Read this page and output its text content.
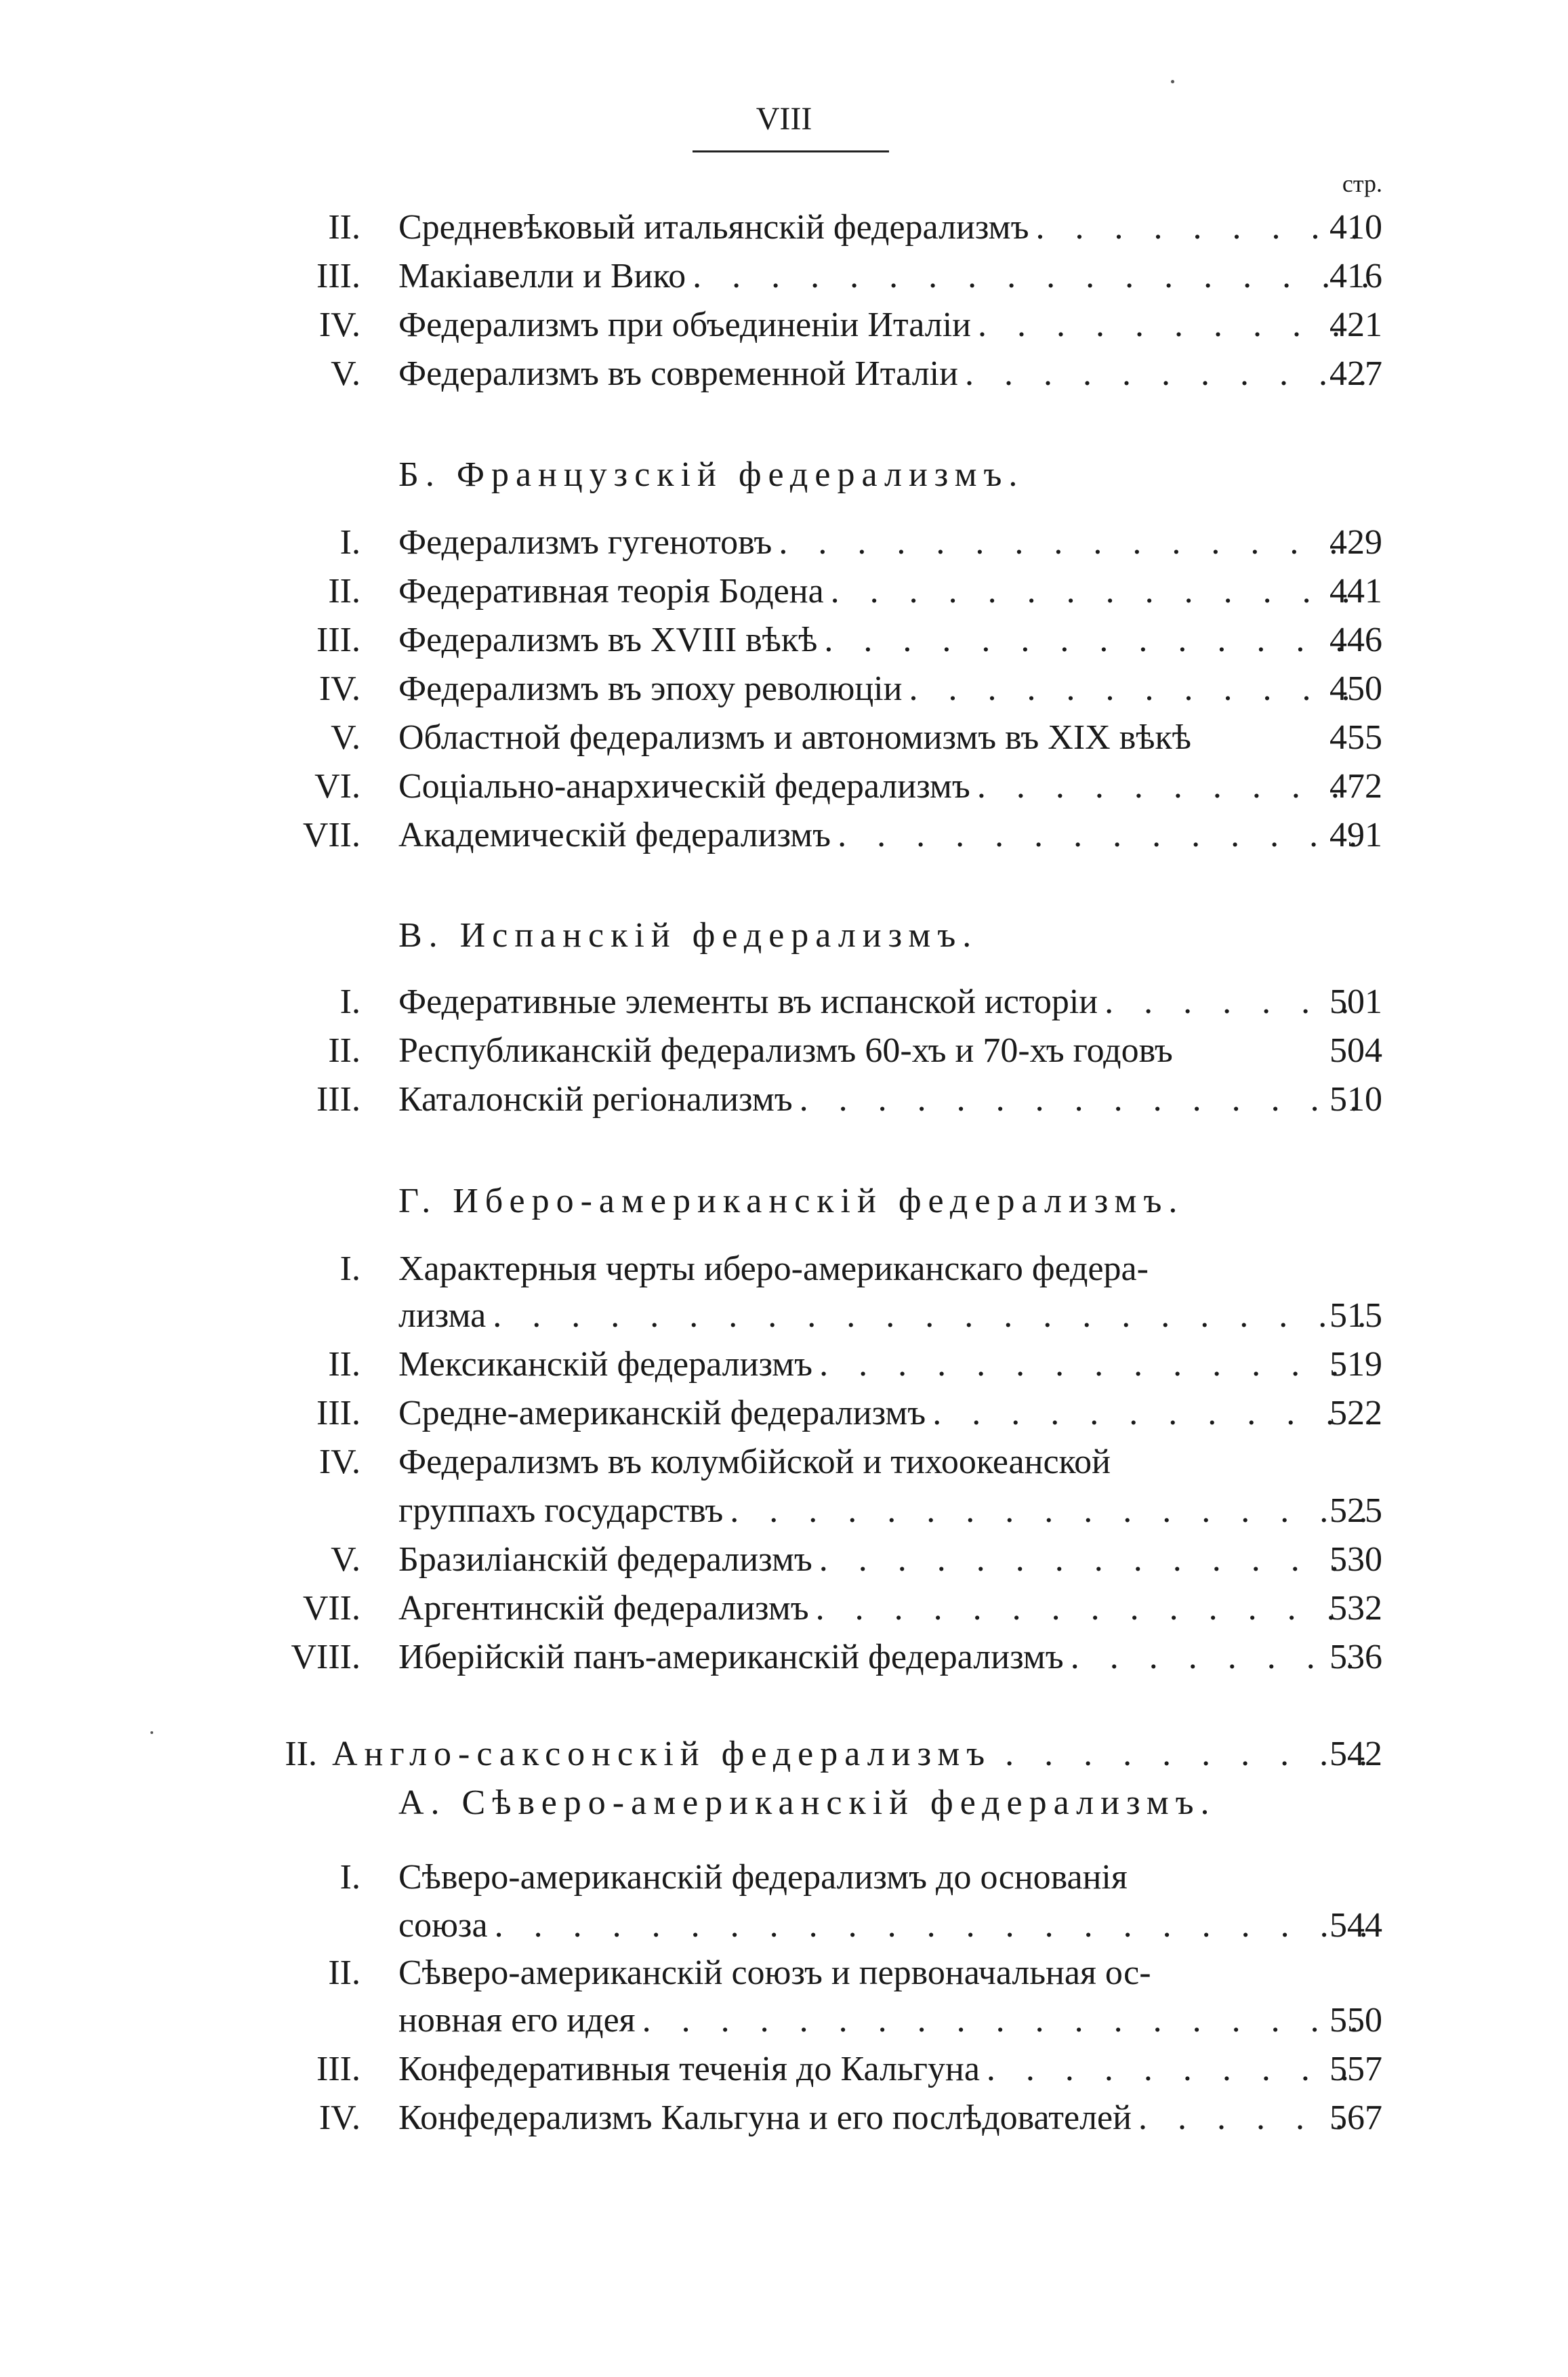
VIII
стр.
II. Средневѣковый итальянскій федерализмъ . . .	410
III. Макіавелли и Вико . . .	416
IV. Федерализмъ при объединеніи Италіи . . .	421
V. Федерализмъ въ современной Италіи . . .	427
Б. Французскій федерализмъ.
I. Федерализмъ гугенотовъ . . .	429
II. Федеративная теорія Бодена . . .	441
III. Федерализмъ въ XVIII вѣкѣ . . .	446
IV. Федерализмъ въ эпоху революціи . . .	450
V. Областной федерализмъ и автономизмъ въ XIX вѣкѣ	455
VI. Соціально-анархическій федерализмъ . . .	472
VII. Академическій федерализмъ . . .	491
В. Испанскій федерализмъ.
I. Федеративные элементы въ испанской исторіи . . .	501
II. Республиканскій федерализмъ 60-хъ и 70-хъ годовъ	504
III. Каталонскій регіонализмъ . . .	510
Г. Иберо-американскій федерализмъ.
I. Характерныя черты иберо-американскаго федера-
лизма . . .	515
II. Мексиканскій федерализмъ . . .	519
III. Средне-американскій федерализмъ . . .	522
IV. Федерализмъ въ колумбійской и тихоокеанской
группахъ государствъ . . .	525
V. Бразиліанскій федерализмъ . . .	530
VII. Аргентинскій федерализмъ . . .	532
VIII. Иберійскій панъ-американскій федерализмъ . . .	536
II. Англо-саксонскій федерализмъ . . .	542
А. Сѣверо-американскій федерализмъ.
I. Сѣверо-американскій федерализмъ до основанія
союза . . .	544
II. Сѣверо-американскій союзъ и первоначальная ос-
новная его идея . . .	550
III. Конфедеративныя теченія до Кальгуна . . .	557
IV. Конфедерализмъ Кальгуна и его послѣдователей . . .	567
